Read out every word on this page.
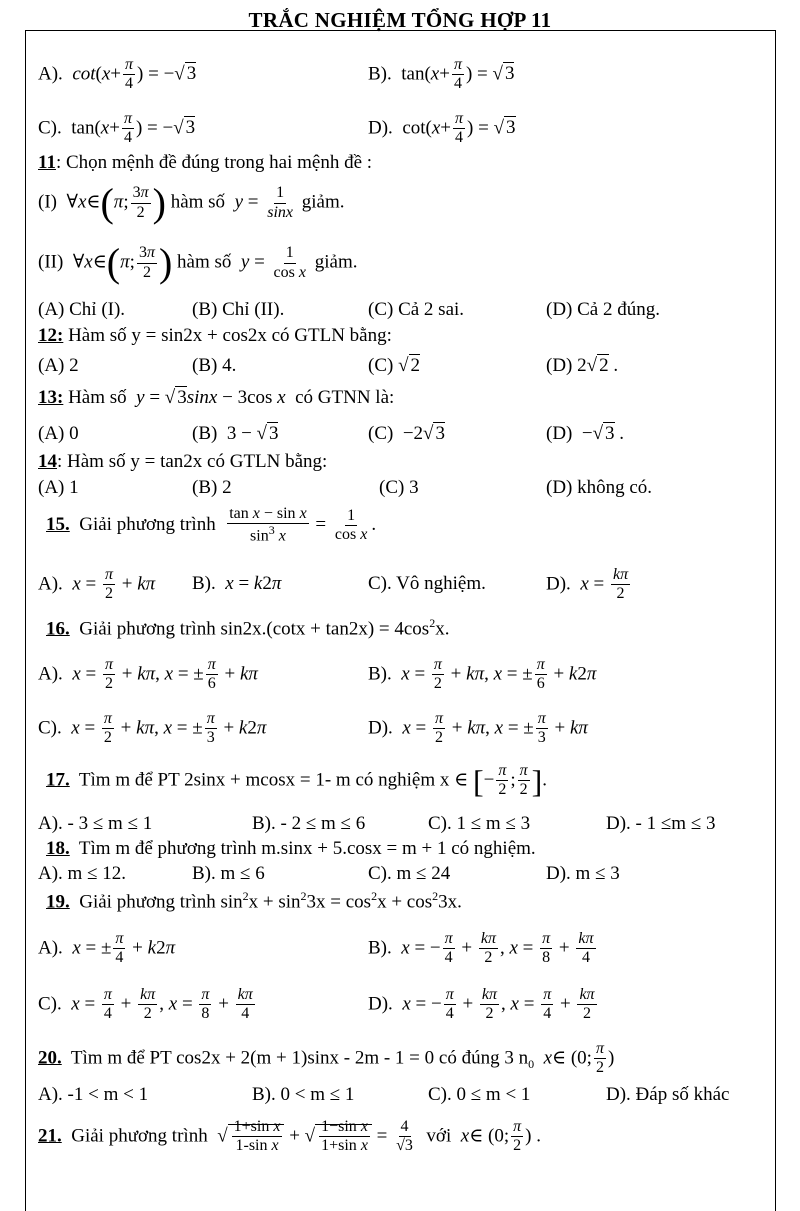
TRẮC NGHIỆM TỔNG HỢP 11
A). $\cot(x+ \frac{\pi}{4}$ ) = −√ 3	B).  $\tan(x+ \frac{\pi}{4}$ ) = √ 3
C).  $\tan(x+ \frac{\pi}{4}$ ) = −√ 3	D).  $\cot(x+ \frac{\pi}{4}$ ) = √ 3
11: Chọn mệnh đề đúng trong hai mệnh đề :
(I)  ∀x∈(π; $\frac{3\pi}{2}$ ) hàm số $y = \frac{1}{\sin x}$ giảm.
(II)  ∀x∈(π; $\frac{3\pi}{2}$ ) hàm số $y = \frac{1}{\text{cos x}}$ giảm.
(A) Chỉ (I).	(B) Chỉ (II).	(C) Cả 2 sai.	(D) Cả 2 đúng.
12: Hàm số y = sin2x + cos2x có GTLN bằng:
(A) 2	(B) 4.	(C) √ 2	(D) 2√ 2 .
13: Hàm số y = √ 3sinx − 3cos x có GTNN là:
(A) 0	(B)  3 − √ 3	(C)  −2√ 3	(D)  −√ 3 .
14: Hàm số y = tan2x có GTLN bằng:
(A) 1	(B) 2	(C) 3	(D) không có.
15. Giải phương trình $\frac{\text{tan x − sin x}}{\sin^3 x} = \frac{1}{\text{cos x}}$ .
A). $x = \frac{\pi}{2} + k\pi$ B). x = k2π	C). Vô nghiệm.	D). $x = \frac{k\pi}{2}$
16. Giải phương trình $\sin 2x.(\cot x + \tan 2x) = 4\cos^2x$.
A). $x = \frac{\pi}{2} + k\pi$, x = ± $\frac{\pi}{6} + k\pi$	B). $x = \frac{\pi}{2} + k\pi$, x = ± $\frac{\pi}{6} + k2\pi$
C). $x = \frac{\pi}{2} + k\pi$, x = ± $\frac{\pi}{3} + k2\pi$	D). $x = \frac{\pi}{2} + k\pi$, x = ± $\frac{\pi}{3} + k\pi$
17. Tìm m để PT 2sinx + mcosx = 1- m có nghiệm x ∈ [− $\frac{\pi}{2}$ ; $\frac{\pi}{2}$ ].
A). - 3 ≤ m ≤ 1	B). - 2 ≤ m ≤ 6	C). 1 ≤ m ≤ 3	D). - 1 ≤m ≤ 3
18. Tìm m để phương trình m.sinx + 5.cosx = m + 1 có nghiệm.
A). m ≤ 12.	B). m ≤ 6	C). m ≤ 24	D). m ≤ 3
19. Giải phương trình $\sin^2x + \sin^23x = \cos^2x + \cos^23x$.
A). x = ± $\frac{\pi}{4} + k2\pi$	B). x = − $\frac{\pi}{4} + \frac{k\pi}{2}$ , $x = \frac{\pi}{8} + \frac{k\pi}{4}$
C). $x = \frac{\pi}{4} + \frac{k\pi}{2}$ , $x = \frac{\pi}{8} + \frac{k\pi}{4}$	D). x = − $\frac{\pi}{4} + \frac{k\pi}{2}$ , $x = \frac{\pi}{4} + \frac{k\pi}{2}$
20. Tìm m để PT cos2x + 2(m + 1)sinx - 2m - 1 = 0 có đúng 3 $n_0$ x∈ (0; $\frac{\pi}{2}$ )
A). -1 < m < 1	B). 0 < m ≤ 1	C). 0 ≤ m < 1	D). Đáp số khác
21. Giải phương trình  √ $\frac{\text{1+sin x}}{\text{1-sin x}}$ + √ $\frac{\text{1−sin x}}{\text{1+sin x}} = \frac{4}{√3}$ với x∈ (0; $\frac{\pi}{2}$ ) .
